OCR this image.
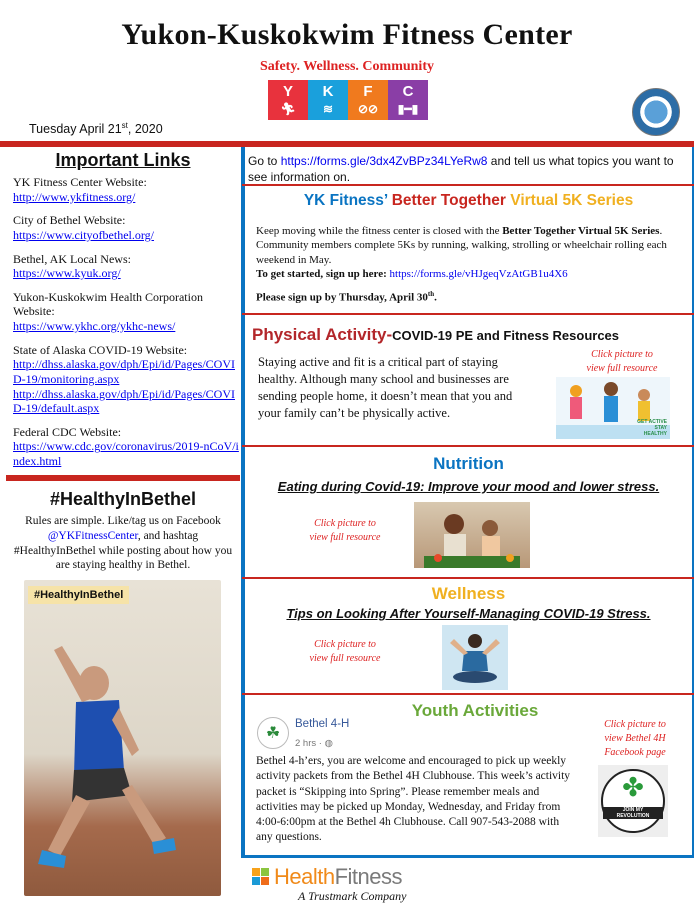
Yukon-Kuskokwim Fitness Center
Safety. Wellness. Community
Y
🏃︎
K
≋
F
⊘⊘
C
▮━▮
Tuesday April 21st, 2020
Important Links
YK Fitness Center Website:
http://www.ykfitness.org/
City of Bethel Website:
https://www.cityofbethel.org/
Bethel, AK Local News:
https://www.kyuk.org/
Yukon-Kuskokwim Health Corporation Website:
https://www.ykhc.org/ykhc-news/
State of Alaska COVID-19 Website:
http://dhss.alaska.gov/dph/Epi/id/Pages/COVID-19/monitoring.aspx
http://dhss.alaska.gov/dph/Epi/id/Pages/COVID-19/default.aspx
Federal CDC Website:
https://www.cdc.gov/coronavirus/2019-nCoV/index.html
#HealthyInBethel
Rules are simple. Like/tag us on Facebook @YKFitnessCenter, and hashtag #HealthyInBethel while posting about how you are staying healthy in Bethel.
#HealthyInBethel
Go to https://forms.gle/3dx4ZvBPz34LYeRw8 and tell us what topics you want to see information on.
YK Fitness’ Better Together Virtual 5K Series
Keep moving while the fitness center is closed with the Better Together Virtual 5K Series. Community members complete 5Ks by running, walking, strolling or wheelchair rolling each weekend in May.
To get started, sign up here: https://forms.gle/vHJgeqVzAtGB1u4X6
Please sign up by Thursday, April 30th.
Physical Activity-COVID-19 PE and Fitness Resources
Staying active and fit is a critical part of staying healthy. Although many school and businesses are sending people home, it doesn’t mean that you and your family can’t be physically active.
Click picture to
view full resource
GET ACTIVE STAY HEALTHY
Nutrition
Eating during Covid-19: Improve your mood and lower stress.
Click picture to
view full resource
Wellness
Tips on Looking After Yourself-Managing COVID-19 Stress.
Click picture to
view full resource
Youth Activities
☘︎
Bethel 4-H
2 hrs · ◍
Bethel 4-h’ers, you are welcome and encouraged to pick up weekly activity packets from the Bethel 4H Clubhouse. This week’s activity packet is “Skipping into Spring”. Please remember meals and activities may be picked up Monday, Wednesday, and Friday from 4:00-6:00pm at the Bethel 4h Clubhouse. Call 907-543-2088 with any questions.
Click picture to
view Bethel 4H
Facebook page
✤
JOIN MY
REVOLUTION
HealthFitness
A Trustmark Company
